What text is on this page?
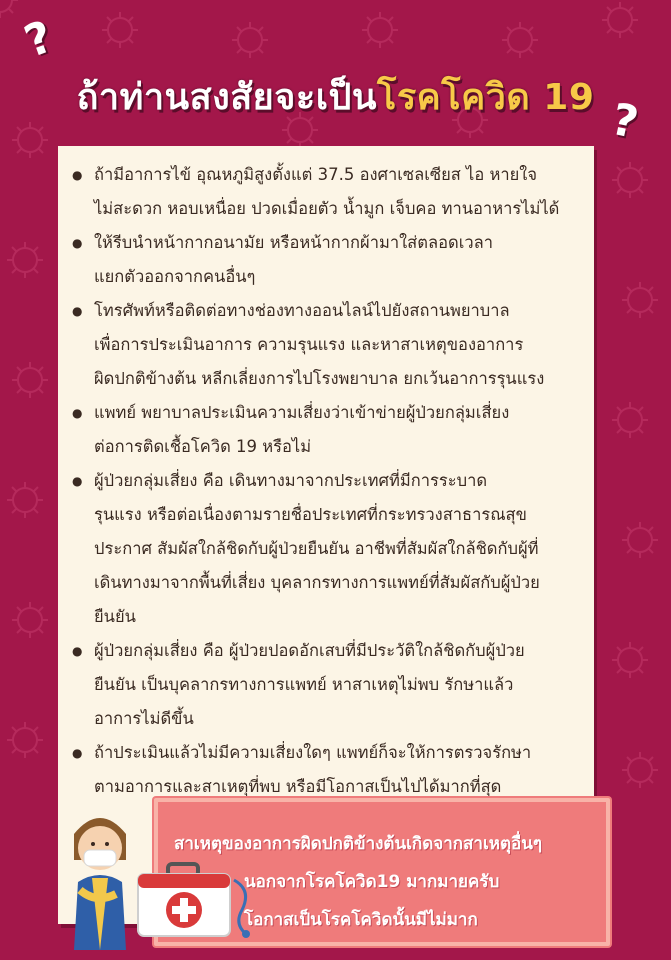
?
?
ถ้าท่านสงสัยจะเป็นโรคโควิด 19
● ถ้ามีอาการไข้ อุณหภูมิสูงตั้งแต่ 37.5 องศาเซลเซียส ไอ หายใจ
ไม่สะดวก หอบเหนื่อย ปวดเมื่อยตัว น้ำมูก เจ็บคอ ทานอาหารไม่ได้
● ให้รีบนำหน้ากากอนามัย หรือหน้ากากผ้ามาใส่ตลอดเวลา
แยกตัวออกจากคนอื่นๆ
● โทรศัพท์หรือติดต่อทางช่องทางออนไลน์ไปยังสถานพยาบาล
เพื่อการประเมินอาการ ความรุนแรง และหาสาเหตุของอาการ
ผิดปกติข้างต้น หลีกเลี่ยงการไปโรงพยาบาล ยกเว้นอาการรุนแรง
● แพทย์ พยาบาลประเมินความเสี่ยงว่าเข้าข่ายผู้ป่วยกลุ่มเสี่ยง
ต่อการติดเชื้อโควิด 19 หรือไม่
● ผู้ป่วยกลุ่มเสี่ยง คือ เดินทางมาจากประเทศที่มีการระบาด
รุนแรง หรือต่อเนื่องตามรายชื่อประเทศที่กระทรวงสาธารณสุข
ประกาศ สัมผัสใกล้ชิดกับผู้ป่วยยืนยัน อาชีพที่สัมผัสใกล้ชิดกับผู้ที่
เดินทางมาจากพื้นที่เสี่ยง บุคลากรทางการแพทย์ที่สัมผัสกับผู้ป่วย
ยืนยัน
● ผู้ป่วยกลุ่มเสี่ยง คือ ผู้ป่วยปอดอักเสบที่มีประวัติใกล้ชิดกับผู้ป่วย
ยืนยัน เป็นบุคลากรทางการแพทย์ หาสาเหตุไม่พบ รักษาแล้ว
อาการไม่ดีขึ้น
● ถ้าประเมินแล้วไม่มีความเสี่ยงใดๆ แพทย์ก็จะให้การตรวจรักษา
ตามอาการและสาเหตุที่พบ หรือมีโอกาสเป็นไปได้มากที่สุด
สาเหตุของอาการผิดปกติข้างต้นเกิดจากสาเหตุอื่นๆ
นอกจากโรคโควิด19 มากมายครับ
โอกาสเป็นโรคโควิดนั้นมีไม่มาก
